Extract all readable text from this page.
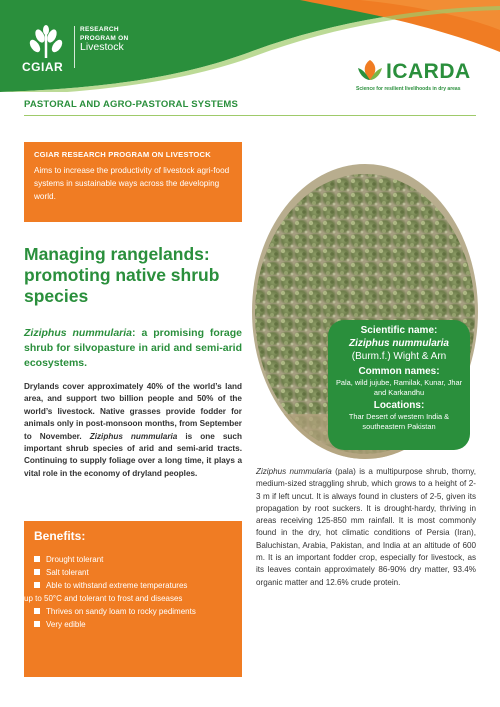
CGIAR
RESEARCH
PROGRAM ON
Livestock
ICARDA
Science for resilient livelihoods in dry areas
PASTORAL AND AGRO-PASTORAL SYSTEMS
CGIAR RESEARCH PROGRAM ON LIVESTOCK
Aims to increase the productivity of livestock agri-food systems in sustainable ways across the developing world.
Managing rangelands: promoting native shrub species
Ziziphus nummularia: a promising forage shrub for silvopasture in arid and semi-arid ecosystems.
Drylands cover approximately 40% of the world’s land area, and support two billion people and 50% of the world’s livestock. Native grasses provide fodder for animals only in post-monsoon months, from September to November. Ziziphus nummularia is one such important shrub species of arid and semi-arid tracts. Continuing to supply foliage over a long time, it plays a vital role in the economy of dryland peoples.
Benefits:
Drought tolerant
Salt tolerant
Able to withstand extreme temperatures
up to 50°C and tolerant to frost and diseases
Thrives on sandy loam to rocky pediments
Very edible
Scientific name:
Ziziphus nummularia
(Burm.f.) Wight & Arn
Common names:
Pala, wild jujube, Ramilak, Kunar, Jhar and Karkandhu
Locations:
Thar Desert of western India & southeastern Pakistan
Ziziphus nummularia (pala) is a multipurpose shrub, thorny, medium-sized straggling shrub, which grows to a height of 2-3 m if left uncut. It is always found in clusters of 2-5, given its propagation by root suckers. It is drought-hardy, thriving in areas receiving 125-850 mm rainfall. It is most commonly found in the dry, hot climatic conditions of Persia (Iran), Baluchistan, Arabia, Pakistan, and India at an altitude of 600 m. It is an important fodder crop, especially for livestock, as its leaves contain approximately 86-90% dry matter, 93.4% organic matter and 12.6% crude protein.
